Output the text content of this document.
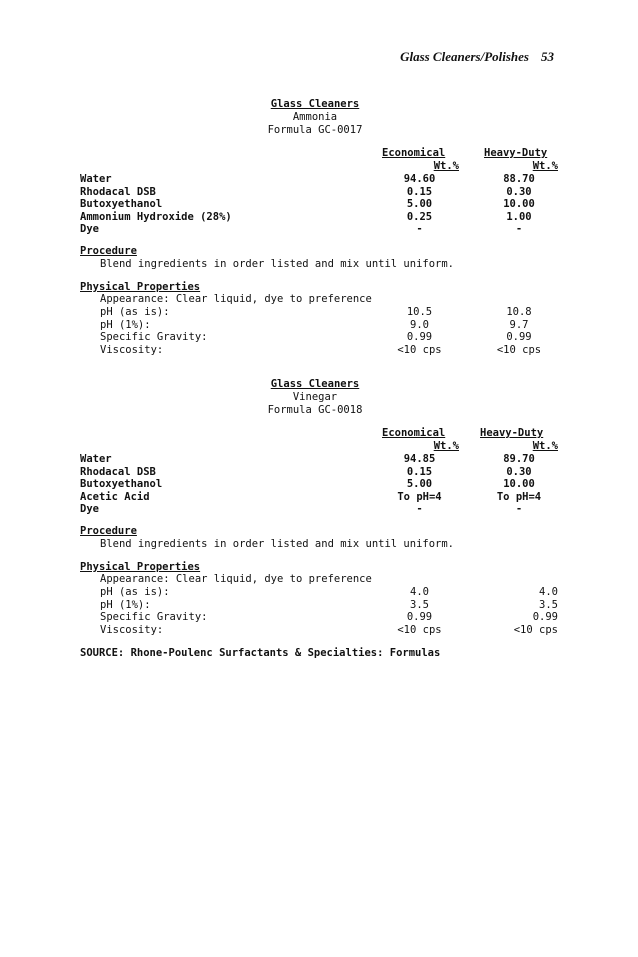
Glass Cleaners/Polishes 53
Glass Cleaners
Ammonia
Formula GC-0017
Economical	Heavy-Duty
Wt.%	Wt.%
Water	94.60	88.70
Rhodacal DSB	0.15	0.30
Butoxyethanol	5.00	10.00
Ammonium Hydroxide (28%)	0.25	1.00
Dye	-	-
Procedure
Blend ingredients in order listed and mix until uniform.
Physical Properties
Appearance: Clear liquid, dye to preference
pH (as is):	10.5	10.8
pH (1%):	9.0	9.7
Specific Gravity:	0.99	0.99
Viscosity:	<10 cps	<10 cps
Glass Cleaners
Vinegar
Formula GC-0018
Economical	Heavy-Duty
Wt.%	Wt.%
Water	94.85	89.70
Rhodacal DSB	0.15	0.30
Butoxyethanol	5.00	10.00
Acetic Acid	To pH=4	To pH=4
Dye	-	-
Procedure
Blend ingredients in order listed and mix until uniform.
Physical Properties
Appearance: Clear liquid, dye to preference
pH (as is):	4.0	4.0
pH (1%):	3.5	3.5
Specific Gravity:	0.99	0.99
Viscosity:	<10 cps	<10 cps
SOURCE: Rhone-Poulenc Surfactants & Specialties: Formulas
